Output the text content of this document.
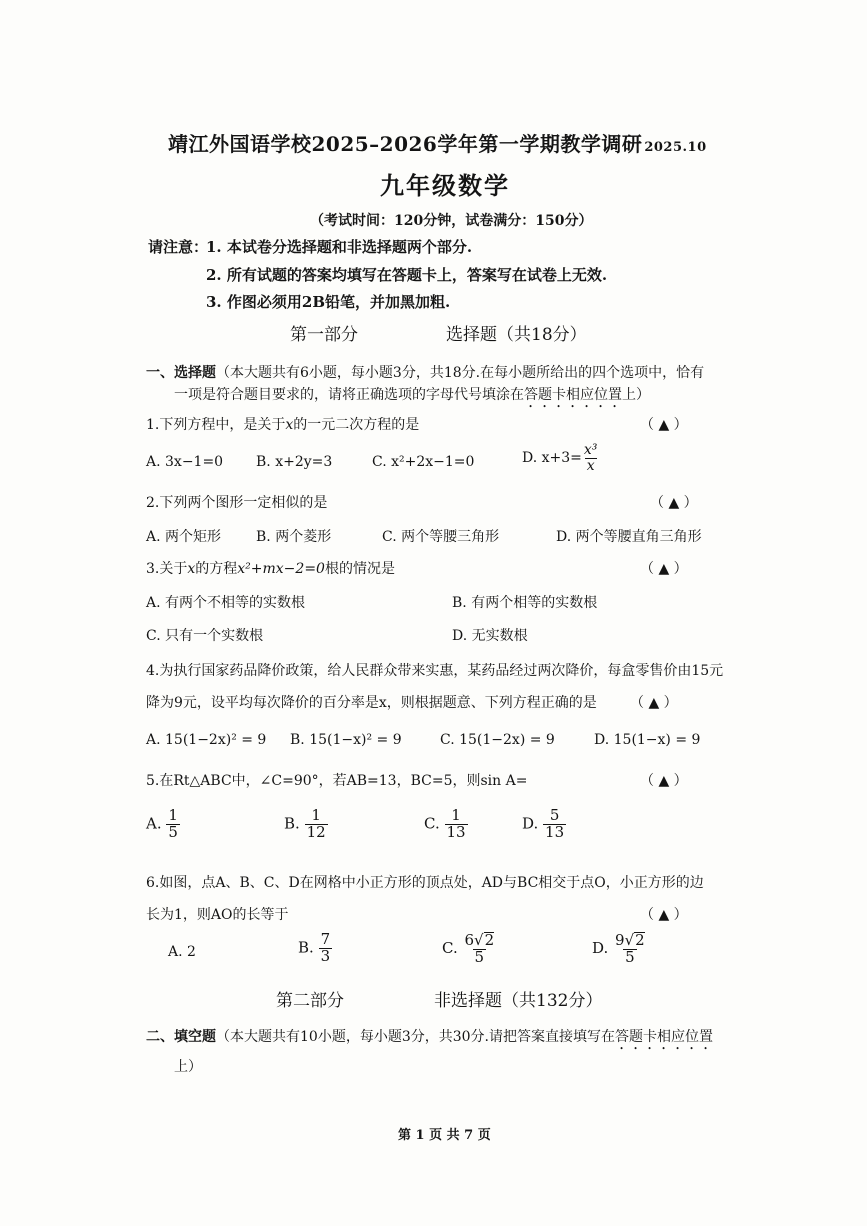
靖江外国语学校2025–2026学年第一学期教学调研 2025.10
九年级数学
（考试时间：120分钟，试卷满分：150分）
请注意：
1. 本试卷分选择题和非选择题两个部分.
2. 所有试题的答案均填写在答题卡上，答案写在试卷上无效.
3. 作图必须用2B铅笔，并加黑加粗.
第一部分	选择题（共18分）
一、选择题（本大题共有6小题，每小题3分，共18分.在每小题所给出的四个选项中，恰有
一项是符合题目要求的，请将正确选项的字母代号填涂在答题卡相应位置上）
1.下列方程中，是关于x的一元二次方程的是	（ ▲ ）
A. 3x−1=0 B. x+2y=3	C. x²+2x−1=0	D. $x+3= \frac{\text{x³}}{x}$
2.下列两个图形一定相似的是	（ ▲ ）
A. 两个矩形 B. 两个菱形	C. 两个等腰三角形	D. 两个等腰直角三角形
3.关于x的方程x²+mx−2=0根的情况是	（ ▲ ）
A. 有两个不相等的实数根	B. 有两个相等的实数根
C. 只有一个实数根	D. 无实数根
4.为执行国家药品降价政策，给人民群众带来实惠，某药品经过两次降价，每盒零售价由15元
降为9元，设平均每次降价的百分率是x，则根据题意、下列方程正确的是 （ ▲ ）
A. 15(1−2x)² = 9 B. 15(1−x)² = 9	C. 15(1−2x) = 9	D. 15(1−x) = 9
5.在Rt△ABC中，∠C=90°，若AB=13，BC=5，则sin A=	（ ▲ ）
A. $\frac{1}{5}$	B. $\frac{1}{12}$	C. $\frac{1}{13}$	D. $\frac{5}{13}$
6.如图，点A、B、C、D在网格中小正方形的顶点处，AD与BC相交于点O，小正方形的边
长为1，则AO的长等于	（ ▲ ）
A. 2	B. $\frac{7}{3}$	C. $\frac{6√2}{5}$	D. $\frac{9√2}{5}$
第二部分	非选择题（共132分）
二、填空题（本大题共有10小题，每小题3分，共30分.请把答案直接填写在答题卡相应位置
上）
第 1 页 共 7 页
